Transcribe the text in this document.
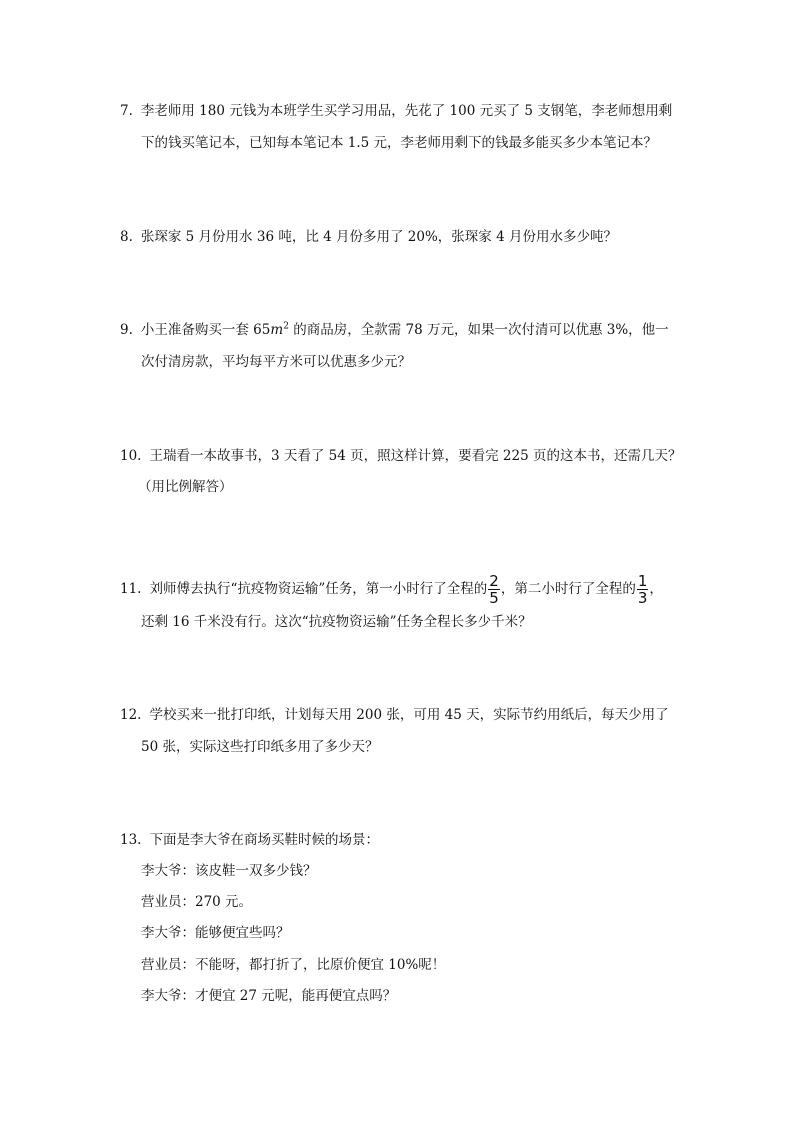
7. 李老师用 180 元钱为本班学生买学习用品，先花了 100 元买了 5 支钢笔，李老师想用剩
下的钱买笔记本，已知每本笔记本 1.5 元，李老师用剩下的钱最多能买多少本笔记本？
8. 张琛家 5 月份用水 36 吨，比 4 月份多用了 20%，张琛家 4 月份用水多少吨？
9. 小王准备购买一套 $65m^2$ 的商品房，全款需 78 万元，如果一次付清可以优惠 3%，他一
次付清房款，平均每平方米可以优惠多少元？
10. 王瑞看一本故事书，3 天看了 54 页，照这样计算，要看完 225 页的这本书，还需几天？
（用比例解答）
11. 刘师傅去执行“抗疫物资运输”任务，第一小时行了全程的 $\frac{2}{5}$ ，第二小时行了全程的 $\frac{1}{3}$ ，
还剩 16 千米没有行。这次“抗疫物资运输”任务全程长多少千米？
12. 学校买来一批打印纸，计划每天用 200 张，可用 45 天，实际节约用纸后，每天少用了
50 张，实际这些打印纸多用了多少天？
13. 下面是李大爷在商场买鞋时候的场景：
李大爷：该皮鞋一双多少钱？
营业员：270 元。
李大爷：能够便宜些吗？
营业员：不能呀，都打折了，比原价便宜 10%呢！
李大爷：才便宜 27 元呢，能再便宜点吗？
